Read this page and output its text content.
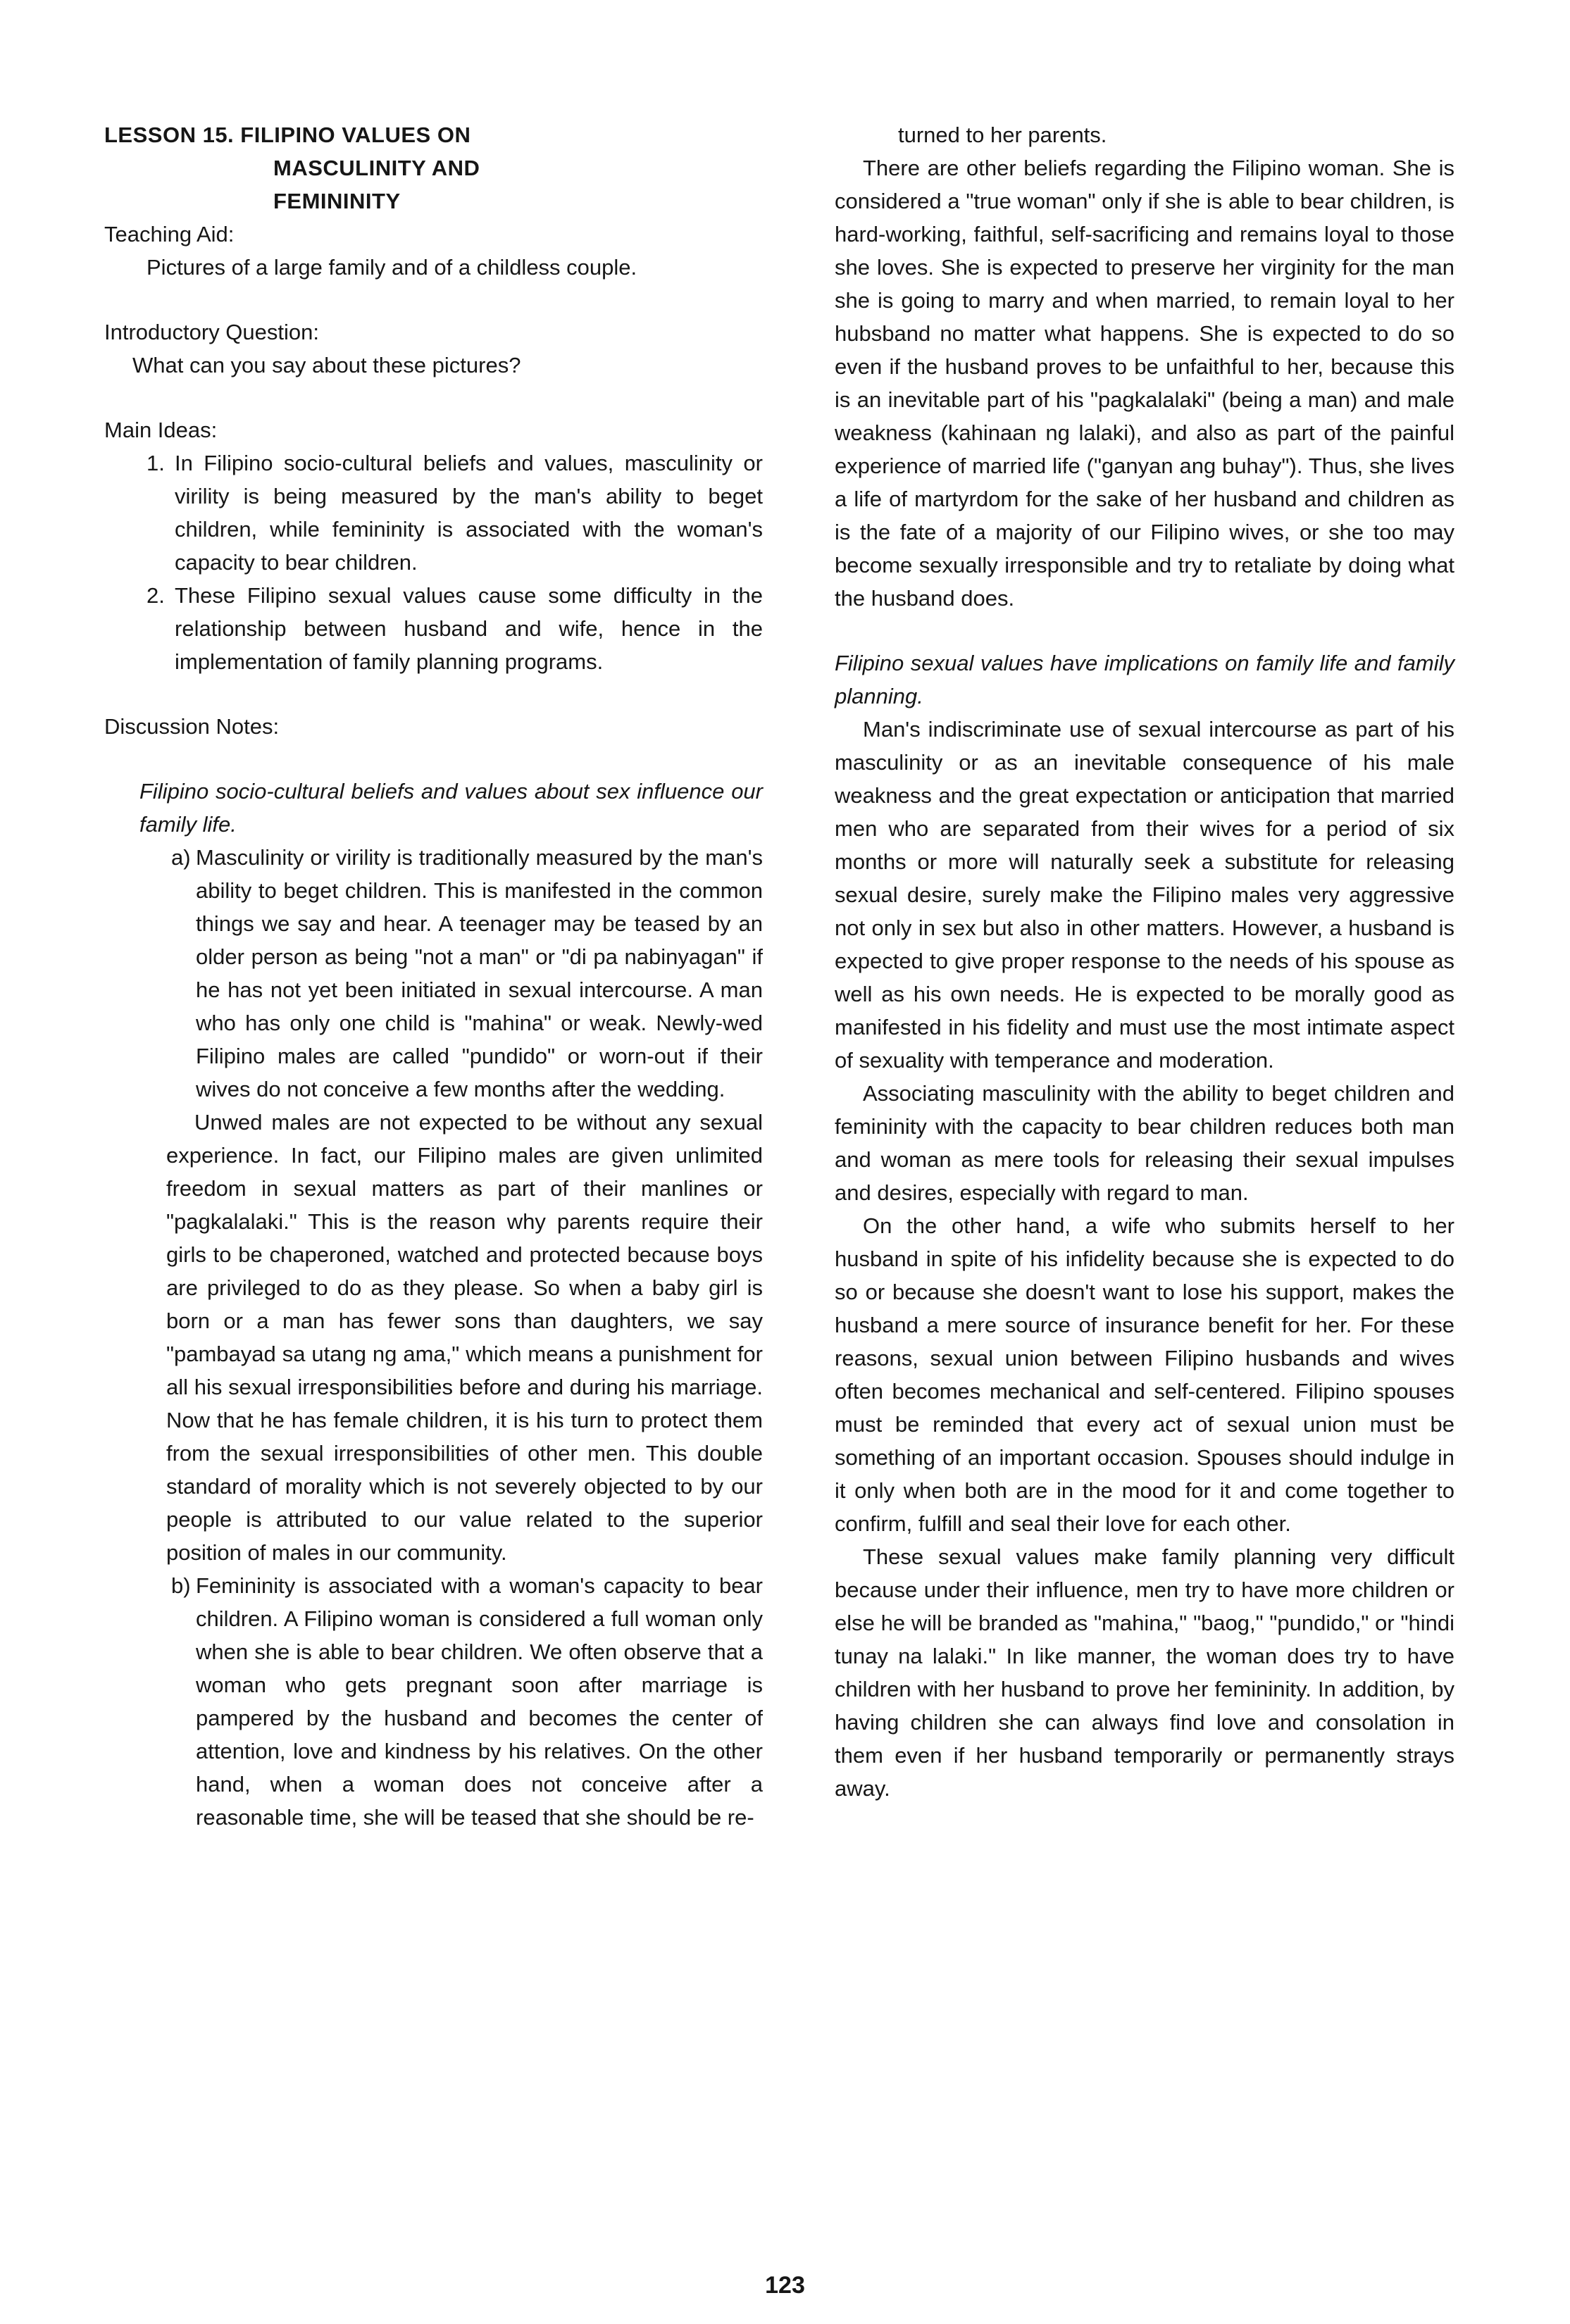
LESSON 15. FILIPINO VALUES ON
MASCULINITY AND
FEMININITY

Teaching Aid:

Pictures of a large family and of a childless couple.

Introductory Question:

What can you say about these pictures?

Main Ideas:

1. In Filipino socio-cultural beliefs and values, masculinity or virility is being measured by the man's ability to beget children, while femininity is associated with the woman's capacity to bear children.
2. These Filipino sexual values cause some difficulty in the relationship between husband and wife, hence in the implementation of family planning programs.

Discussion Notes:

Filipino socio-cultural beliefs and values about sex influence our family life.

a) Masculinity or virility is traditionally measured by the man's ability to beget children. This is manifested in the common things we say and hear. A teenager may be teased by an older person as being "not a man" or "di pa nabinyagan" if he has not yet been initiated in sexual intercourse. A man who has only one child is "mahina" or weak. Newly-wed Filipino males are called "pundido" or worn-out if their wives do not conceive a few months after the wedding.

Unwed males are not expected to be without any sexual experience. In fact, our Filipino males are given unlimited freedom in sexual matters as part of their manlines or "pagkalalaki." This is the reason why parents require their girls to be chaperoned, watched and protected because boys are privileged to do as they please. So when a baby girl is born or a man has fewer sons than daughters, we say "pambayad sa utang ng ama," which means a punishment for all his sexual irresponsibilities before and during his marriage. Now that he has female children, it is his turn to protect them from the sexual irresponsibilities of other men. This double standard of morality which is not severely objected to by our people is attributed to our value related to the superior position of males in our community.

b) Femininity is associated with a woman's capacity to bear children. A Filipino woman is considered a full woman only when she is able to bear children. We often observe that a woman who gets pregnant soon after marriage is pampered by the husband and becomes the center of attention, love and kindness by his relatives. On the other hand, when a woman does not conceive after a reasonable time, she will be teased that she should be re-

turned to her parents.

There are other beliefs regarding the Filipino woman. She is considered a "true woman" only if she is able to bear children, is hard-working, faithful, self-sacrificing and remains loyal to those she loves. She is expected to preserve her virginity for the man she is going to marry and when married, to remain loyal to her hubsband no matter what happens. She is expected to do so even if the husband proves to be unfaithful to her, because this is an inevitable part of his "pagkalalaki" (being a man) and male weakness (kahinaan ng lalaki), and also as part of the painful experience of married life ("ganyan ang buhay"). Thus, she lives a life of martyrdom for the sake of her husband and children as is the fate of a majority of our Filipino wives, or she too may become sexually irresponsible and try to retaliate by doing what the husband does.

Filipino sexual values have implications on family life and family planning.

Man's indiscriminate use of sexual intercourse as part of his masculinity or as an inevitable consequence of his male weakness and the great expectation or anticipation that married men who are separated from their wives for a period of six months or more will naturally seek a substitute for releasing sexual desire, surely make the Filipino males very aggressive not only in sex but also in other matters. However, a husband is expected to give proper response to the needs of his spouse as well as his own needs. He is expected to be morally good as manifested in his fidelity and must use the most intimate aspect of sexuality with temperance and moderation.

Associating masculinity with the ability to beget children and femininity with the capacity to bear children reduces both man and woman as mere tools for releasing their sexual impulses and desires, especially with regard to man.

On the other hand, a wife who submits herself to her husband in spite of his infidelity because she is expected to do so or because she doesn't want to lose his support, makes the husband a mere source of insurance benefit for her. For these reasons, sexual union between Filipino husbands and wives often becomes mechanical and self-centered. Filipino spouses must be reminded that every act of sexual union must be something of an important occasion. Spouses should indulge in it only when both are in the mood for it and come together to confirm, fulfill and seal their love for each other.

These sexual values make family planning very difficult because under their influence, men try to have more children or else he will be branded as "mahina," "baog," "pundido," or "hindi tunay na lalaki." In like manner, the woman does try to have children with her husband to prove her femininity. In addition, by having children she can always find love and consolation in them even if her husband temporarily or permanently strays away.

123
